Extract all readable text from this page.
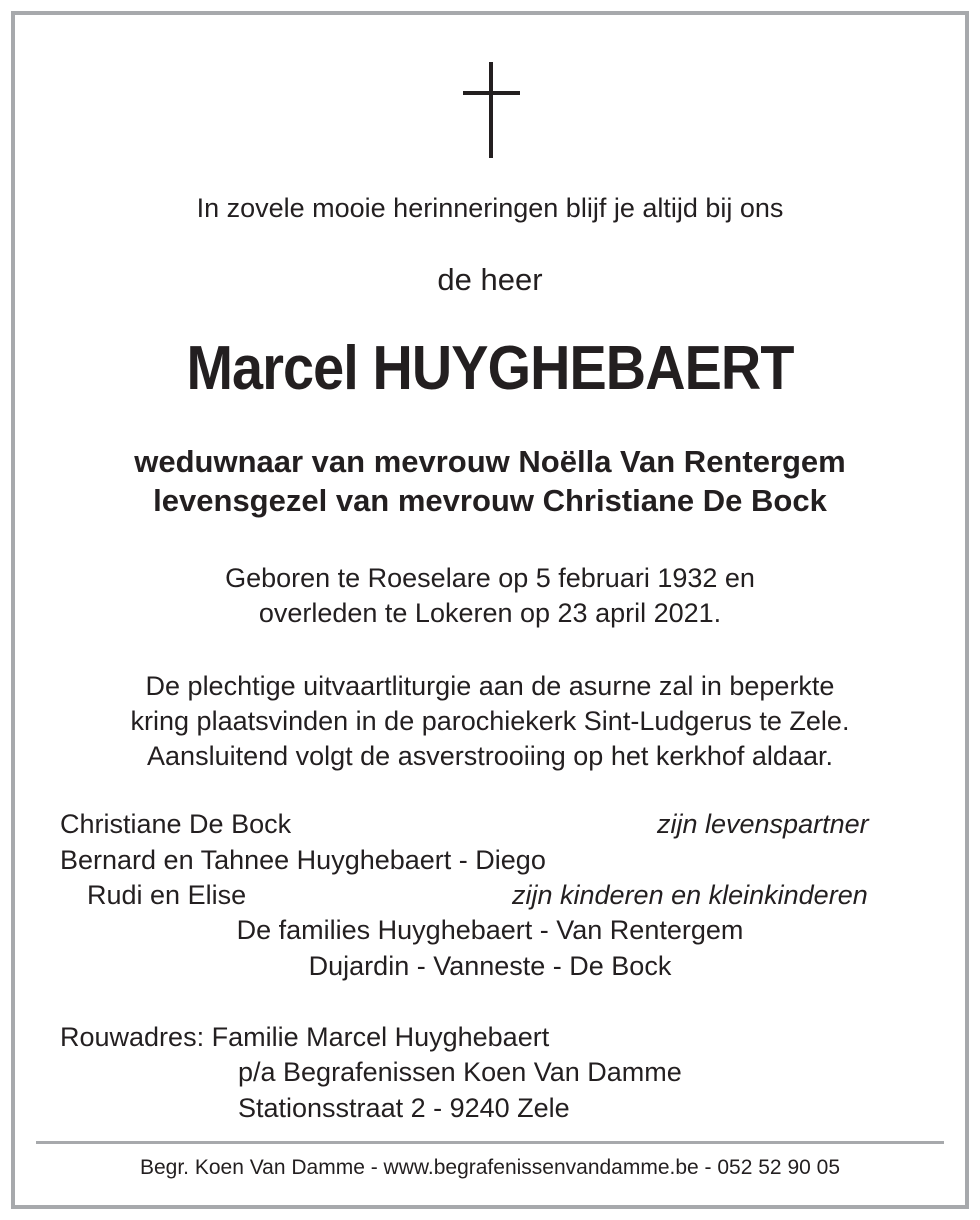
In zovele mooie herinneringen blijf je altijd bij ons
de heer
Marcel HUYGHEBAERT
weduwnaar van mevrouw Noëlla Van Rentergem
levensgezel van mevrouw Christiane De Bock
Geboren te Roeselare op 5 februari 1932 en
overleden te Lokeren op 23 april 2021.
De plechtige uitvaartliturgie aan de asurne zal in beperkte
kring plaatsvinden in de parochiekerk Sint-Ludgerus te Zele.
Aansluitend volgt de asverstrooiing op het kerkhof aldaar.
Christiane De Bock	zijn levenspartner
Bernard en Tahnee Huyghebaert - Diego
Rudi en Elise	zijn kinderen en kleinkinderen
De families Huyghebaert - Van Rentergem
Dujardin - Vanneste - De Bock
Rouwadres: Familie Marcel Huyghebaert
p/a Begrafenissen Koen Van Damme
Stationsstraat 2 - 9240 Zele
Begr. Koen Van Damme - www.begrafenissenvandamme.be - 052 52 90 05
